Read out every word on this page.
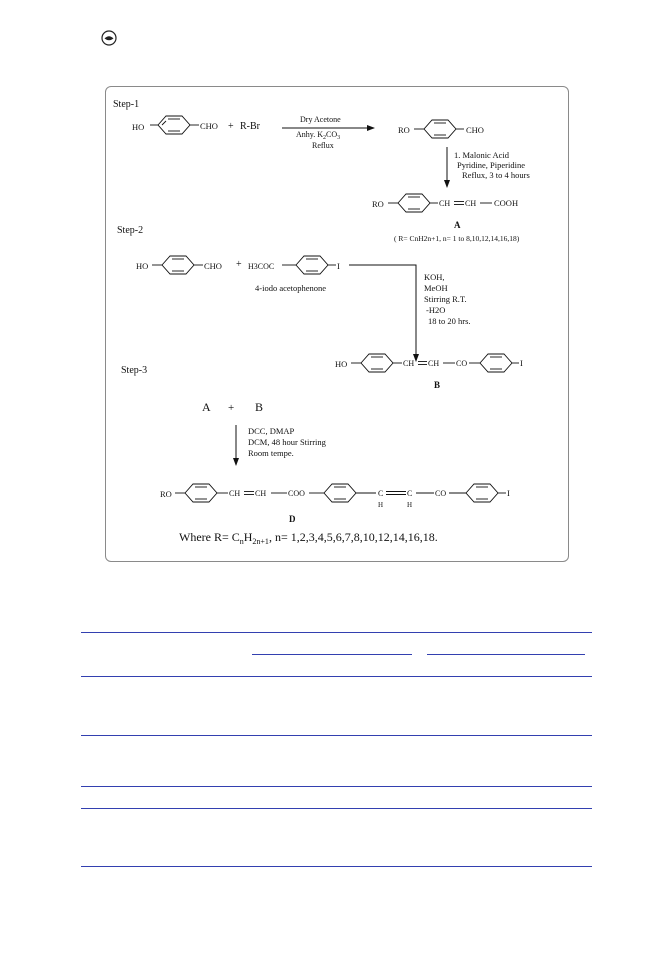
Step-1
HO	CHO + R-Br
Dry Acetone
Anhy. $K_2CO_3$
Reflux
RO	CHO
1. Malonic Acid
Pyridine, Piperidine
Reflux, 3 to 4 hours
RO	CH CH COOH
A
( R= CnH2n+1, n= 1 to 8,10,12,14,16,18)
Step-2
HO	CHO + H3COC	I
4-iodo acetophenone
KOH,
MeOH
Stirring R.T.
-H2O
18 to 20 hrs.
HO	CH CH CO	I
B
Step-3
A + B
DCC, DMAP
DCM, 48 hour Stirring
Room tempe.
RO	CH CH	COO	C	C
H	H
CO	I
D
Where $R= C_nH_{2n+1}$, n= 1,2,3,4,5,6,7,8,10,12,14,16,18.
